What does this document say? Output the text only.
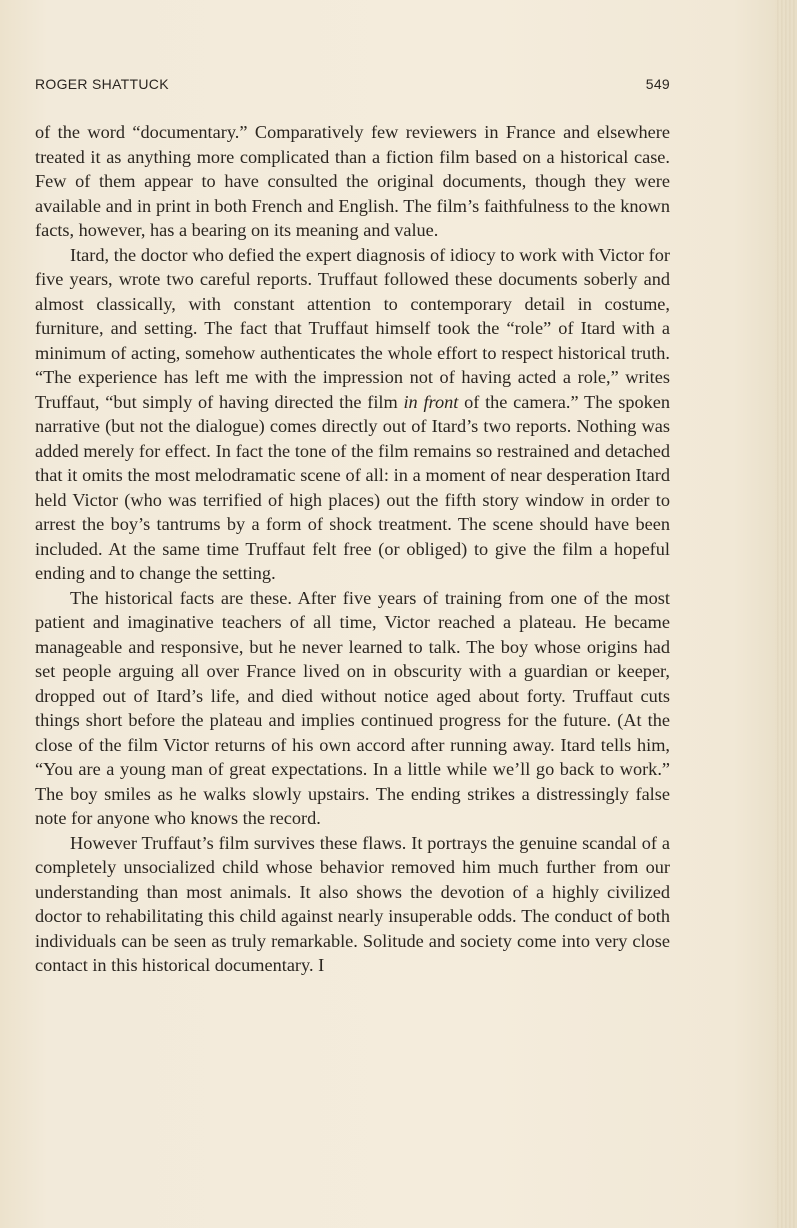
ROGER SHATTUCK	549

of the word “documentary.” Comparatively few reviewers in France and elsewhere treated it as anything more complicated than a fiction film based on a historical case. Few of them appear to have consulted the original documents, though they were available and in print in both French and English. The film’s faithfulness to the known facts, however, has a bearing on its meaning and value.

Itard, the doctor who defied the expert diagnosis of idiocy to work with Victor for five years, wrote two careful reports. Truffaut followed these documents soberly and almost classically, with constant attention to contemporary detail in costume, furniture, and setting. The fact that Truffaut himself took the “role” of Itard with a minimum of acting, somehow authenticates the whole effort to respect historical truth. “The experience has left me with the impression not of having acted a role,” writes Truffaut, “but simply of having directed the film in front of the camera.” The spoken narrative (but not the dialogue) comes directly out of Itard’s two reports. Nothing was added merely for effect. In fact the tone of the film remains so restrained and detached that it omits the most melodramatic scene of all: in a moment of near desperation Itard held Victor (who was terrified of high places) out the fifth story window in order to arrest the boy’s tantrums by a form of shock treatment. The scene should have been included. At the same time Truffaut felt free (or obliged) to give the film a hopeful ending and to change the setting.

The historical facts are these. After five years of training from one of the most patient and imaginative teachers of all time, Victor reached a plateau. He became manageable and responsive, but he never learned to talk. The boy whose origins had set people arguing all over France lived on in obscurity with a guardian or keeper, dropped out of Itard’s life, and died without notice aged about forty. Truffaut cuts things short before the plateau and implies continued progress for the future. (At the close of the film Victor returns of his own accord after running away. Itard tells him, “You are a young man of great expectations. In a little while we’ll go back to work.” The boy smiles as he walks slowly upstairs. The ending strikes a distressingly false note for anyone who knows the record.

However Truffaut’s film survives these flaws. It portrays the genuine scandal of a completely unsocialized child whose behavior removed him much further from our understanding than most animals. It also shows the devotion of a highly civilized doctor to rehabilitating this child against nearly insuperable odds. The conduct of both individuals can be seen as truly remarkable. Solitude and society come into very close contact in this historical documentary. I
